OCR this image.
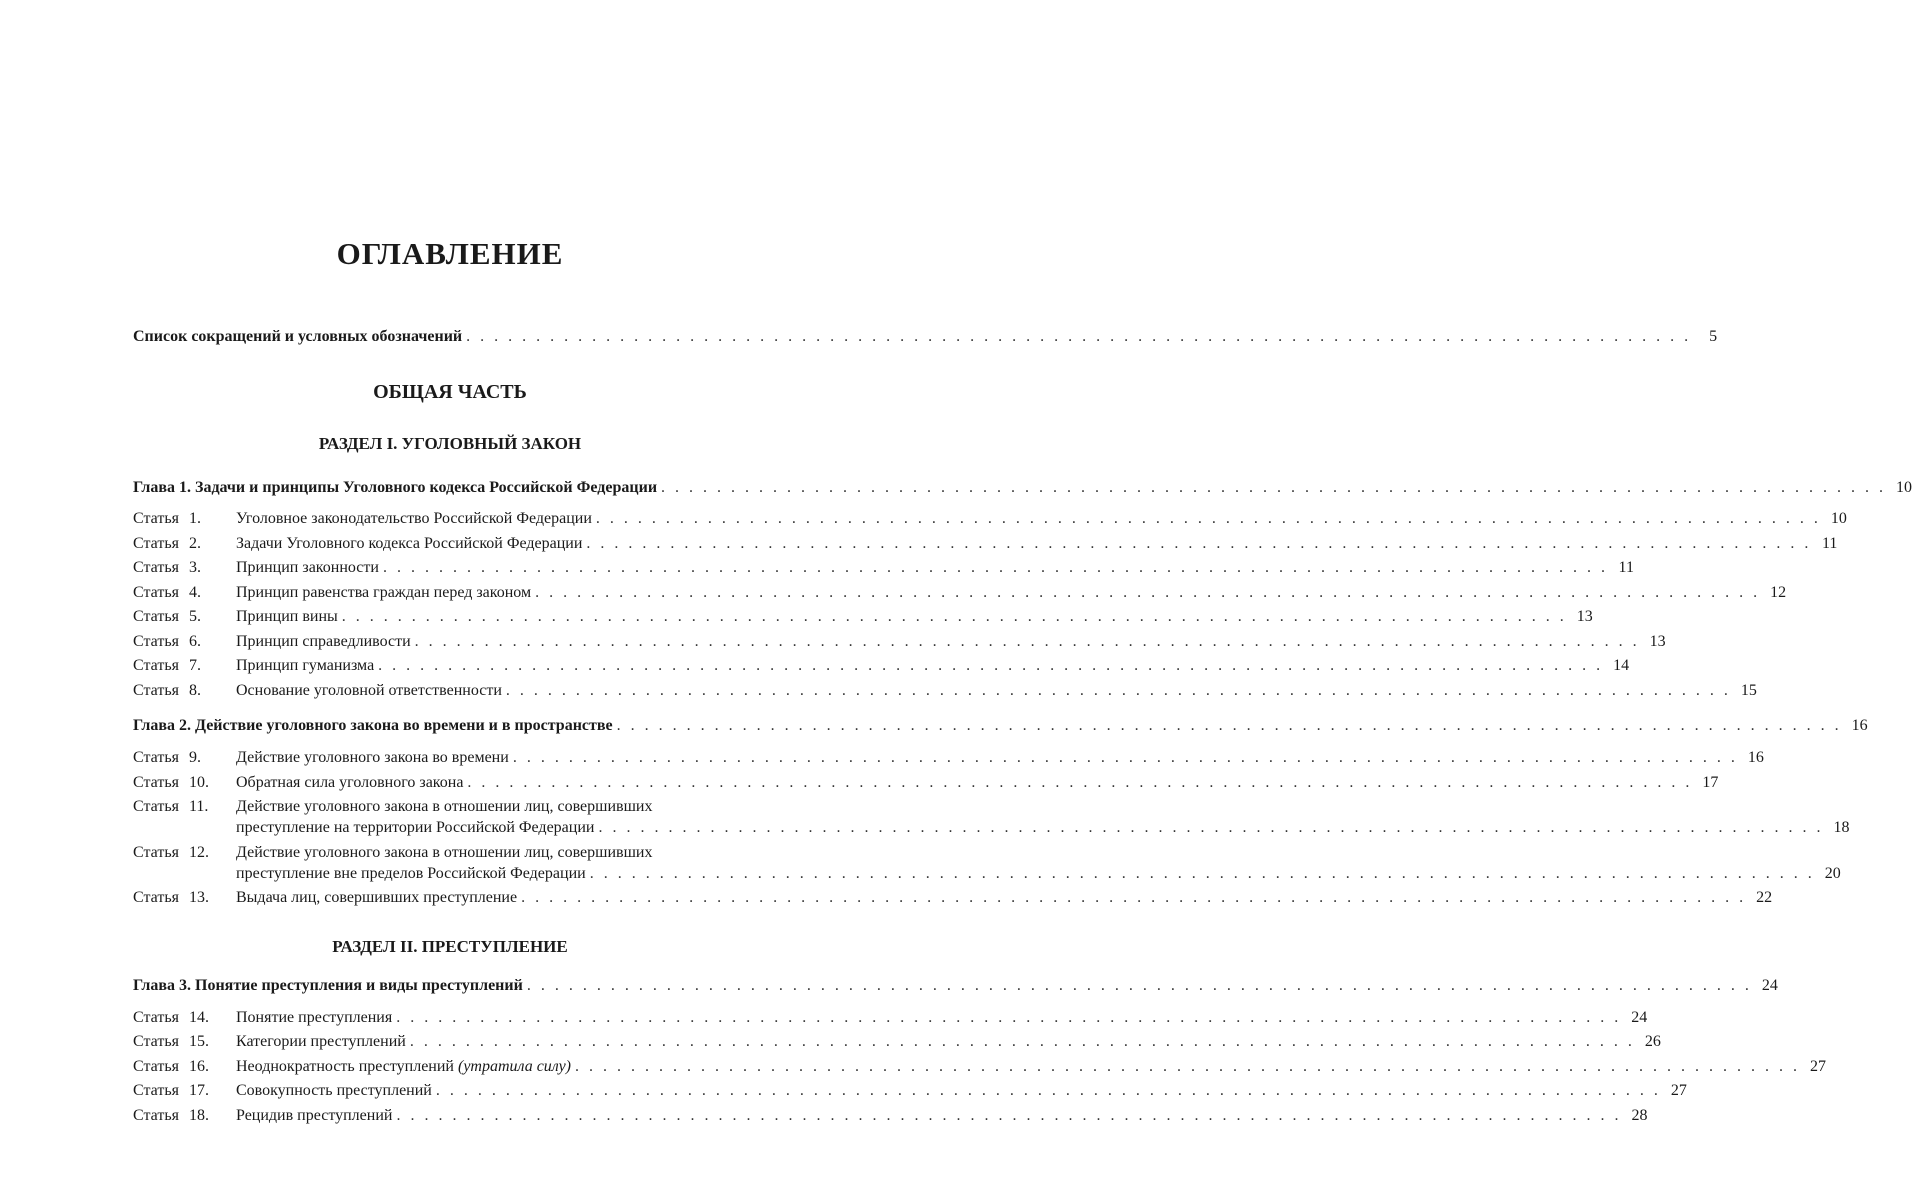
ОГЛАВЛЕНИЕ
Список сокращений и условных обозначений . . . . . . . . . . . . . . . . . . . . . . . . . . . . . . . . . . . . . . . . . . . . . . . . . . . . . . . . . . . . . . . . . . . . . . . . . . . . . . . . . . . . . . . .	5
ОБЩАЯ ЧАСТЬ
РАЗДЕЛ I. УГОЛОВНЫЙ ЗАКОН
Глава 1. Задачи и принципы Уголовного кодекса Российской Федерации . . . . . . . . . . . . . . . . . . . . . . . . . . . . . . . . . . . . . . . . . . . . . . . . . . . . . . . . . . . . . . . . . . . . . . . . . . . . . . . . . . . . . . . . 10
Статья 1. Уголовное законодательство Российской Федерации . . . . . . . . . . . . . . . . . . . . . . . . . . . . . . . . . . . . . . . . . . . . . . . . . . . . . . . . . . . . . . . . . . . . . . . . . . . . . . . . . . . . . . . . 10
Статья 2. Задачи Уголовного кодекса Российской Федерации . . . . . . . . . . . . . . . . . . . . . . . . . . . . . . . . . . . . . . . . . . . . . . . . . . . . . . . . . . . . . . . . . . . . . . . . . . . . . . . . . . . . . . . . 11
Статья 3. Принцип законности . . . . . . . . . . . . . . . . . . . . . . . . . . . . . . . . . . . . . . . . . . . . . . . . . . . . . . . . . . . . . . . . . . . . . . . . . . . . . . . . . . . . . . . . 11
Статья 4. Принцип равенства граждан перед законом . . . . . . . . . . . . . . . . . . . . . . . . . . . . . . . . . . . . . . . . . . . . . . . . . . . . . . . . . . . . . . . . . . . . . . . . . . . . . . . . . . . . . . . . 12
Статья 5. Принцип вины . . . . . . . . . . . . . . . . . . . . . . . . . . . . . . . . . . . . . . . . . . . . . . . . . . . . . . . . . . . . . . . . . . . . . . . . . . . . . . . . . . . . . . . . 13
Статья 6. Принцип справедливости . . . . . . . . . . . . . . . . . . . . . . . . . . . . . . . . . . . . . . . . . . . . . . . . . . . . . . . . . . . . . . . . . . . . . . . . . . . . . . . . . . . . . . . . 13
Статья 7. Принцип гуманизма . . . . . . . . . . . . . . . . . . . . . . . . . . . . . . . . . . . . . . . . . . . . . . . . . . . . . . . . . . . . . . . . . . . . . . . . . . . . . . . . . . . . . . . . 14
Статья 8. Основание уголовной ответственности . . . . . . . . . . . . . . . . . . . . . . . . . . . . . . . . . . . . . . . . . . . . . . . . . . . . . . . . . . . . . . . . . . . . . . . . . . . . . . . . . . . . . . . . 15
Глава 2. Действие уголовного закона во времени и в пространстве . . . . . . . . . . . . . . . . . . . . . . . . . . . . . . . . . . . . . . . . . . . . . . . . . . . . . . . . . . . . . . . . . . . . . . . . . . . . . . . . . . . . . . . . 16
Статья 9. Действие уголовного закона во времени . . . . . . . . . . . . . . . . . . . . . . . . . . . . . . . . . . . . . . . . . . . . . . . . . . . . . . . . . . . . . . . . . . . . . . . . . . . . . . . . . . . . . . . . 16
Статья 10. Обратная сила уголовного закона . . . . . . . . . . . . . . . . . . . . . . . . . . . . . . . . . . . . . . . . . . . . . . . . . . . . . . . . . . . . . . . . . . . . . . . . . . . . . . . . . . . . . . . . 17
Статья 11. Действие уголовного закона в отношении лиц, совершивших
преступление на территории Российской Федерации . . . . . . . . . . . . . . . . . . . . . . . . . . . . . . . . . . . . . . . . . . . . . . . . . . . . . . . . . . . . . . . . . . . . . . . . . . . . . . . . . . . . . . . . 18
Статья 12. Действие уголовного закона в отношении лиц, совершивших
преступление вне пределов Российской Федерации . . . . . . . . . . . . . . . . . . . . . . . . . . . . . . . . . . . . . . . . . . . . . . . . . . . . . . . . . . . . . . . . . . . . . . . . . . . . . . . . . . . . . . . . 20
Статья 13. Выдача лиц, совершивших преступление . . . . . . . . . . . . . . . . . . . . . . . . . . . . . . . . . . . . . . . . . . . . . . . . . . . . . . . . . . . . . . . . . . . . . . . . . . . . . . . . . . . . . . . . 22
РАЗДЕЛ II. ПРЕСТУПЛЕНИЕ
Глава 3. Понятие преступления и виды преступлений . . . . . . . . . . . . . . . . . . . . . . . . . . . . . . . . . . . . . . . . . . . . . . . . . . . . . . . . . . . . . . . . . . . . . . . . . . . . . . . . . . . . . . . . 24
Статья 14. Понятие преступления . . . . . . . . . . . . . . . . . . . . . . . . . . . . . . . . . . . . . . . . . . . . . . . . . . . . . . . . . . . . . . . . . . . . . . . . . . . . . . . . . . . . . . . . 24
Статья 15. Категории преступлений . . . . . . . . . . . . . . . . . . . . . . . . . . . . . . . . . . . . . . . . . . . . . . . . . . . . . . . . . . . . . . . . . . . . . . . . . . . . . . . . . . . . . . . . 26
Статья 16. Неоднократность преступлений (утратила силу) . . . . . . . . . . . . . . . . . . . . . . . . . . . . . . . . . . . . . . . . . . . . . . . . . . . . . . . . . . . . . . . . . . . . . . . . . . . . . . . . . . . . . . . . 27
Статья 17. Совокупность преступлений . . . . . . . . . . . . . . . . . . . . . . . . . . . . . . . . . . . . . . . . . . . . . . . . . . . . . . . . . . . . . . . . . . . . . . . . . . . . . . . . . . . . . . . . 27
Статья 18. Рецидив преступлений . . . . . . . . . . . . . . . . . . . . . . . . . . . . . . . . . . . . . . . . . . . . . . . . . . . . . . . . . . . . . . . . . . . . . . . . . . . . . . . . . . . . . . . . 28
